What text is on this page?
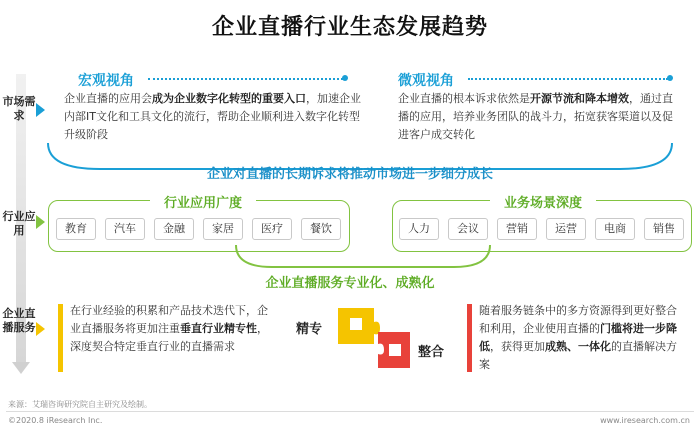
企业直播行业生态发展趋势
市场需求
行业应用
企业直播服务
宏观视角
企业直播的应用会成为企业数字化转型的重要入口，加速企业内部IT文化和工具文化的流行，帮助企业顺利进入数字化转型升级阶段
微观视角
企业直播的根本诉求依然是开源节流和降本增效，通过直播的应用，培养业务团队的战斗力，拓宽获客渠道以及促进客户成交转化
企业对直播的长期诉求将推动市场进一步细分成长
行业应用广度
教育	汽车	金融	家居	医疗	餐饮
业务场景深度
人力	会议	营销	运营	电商	销售
企业直播服务专业化、成熟化
在行业经验的积累和产品技术迭代下，企业直播服务将更加注重垂直行业精专性，深度契合特定垂直行业的直播需求
精专
整合
随着服务链条中的多方资源得到更好整合和利用，企业使用直播的门槛将进一步降低，获得更加成熟、一体化的直播解决方案
来源：艾瑞咨询研究院自主研究及绘制。
©2020.8 iResearch Inc.	www.iresearch.com.cn
